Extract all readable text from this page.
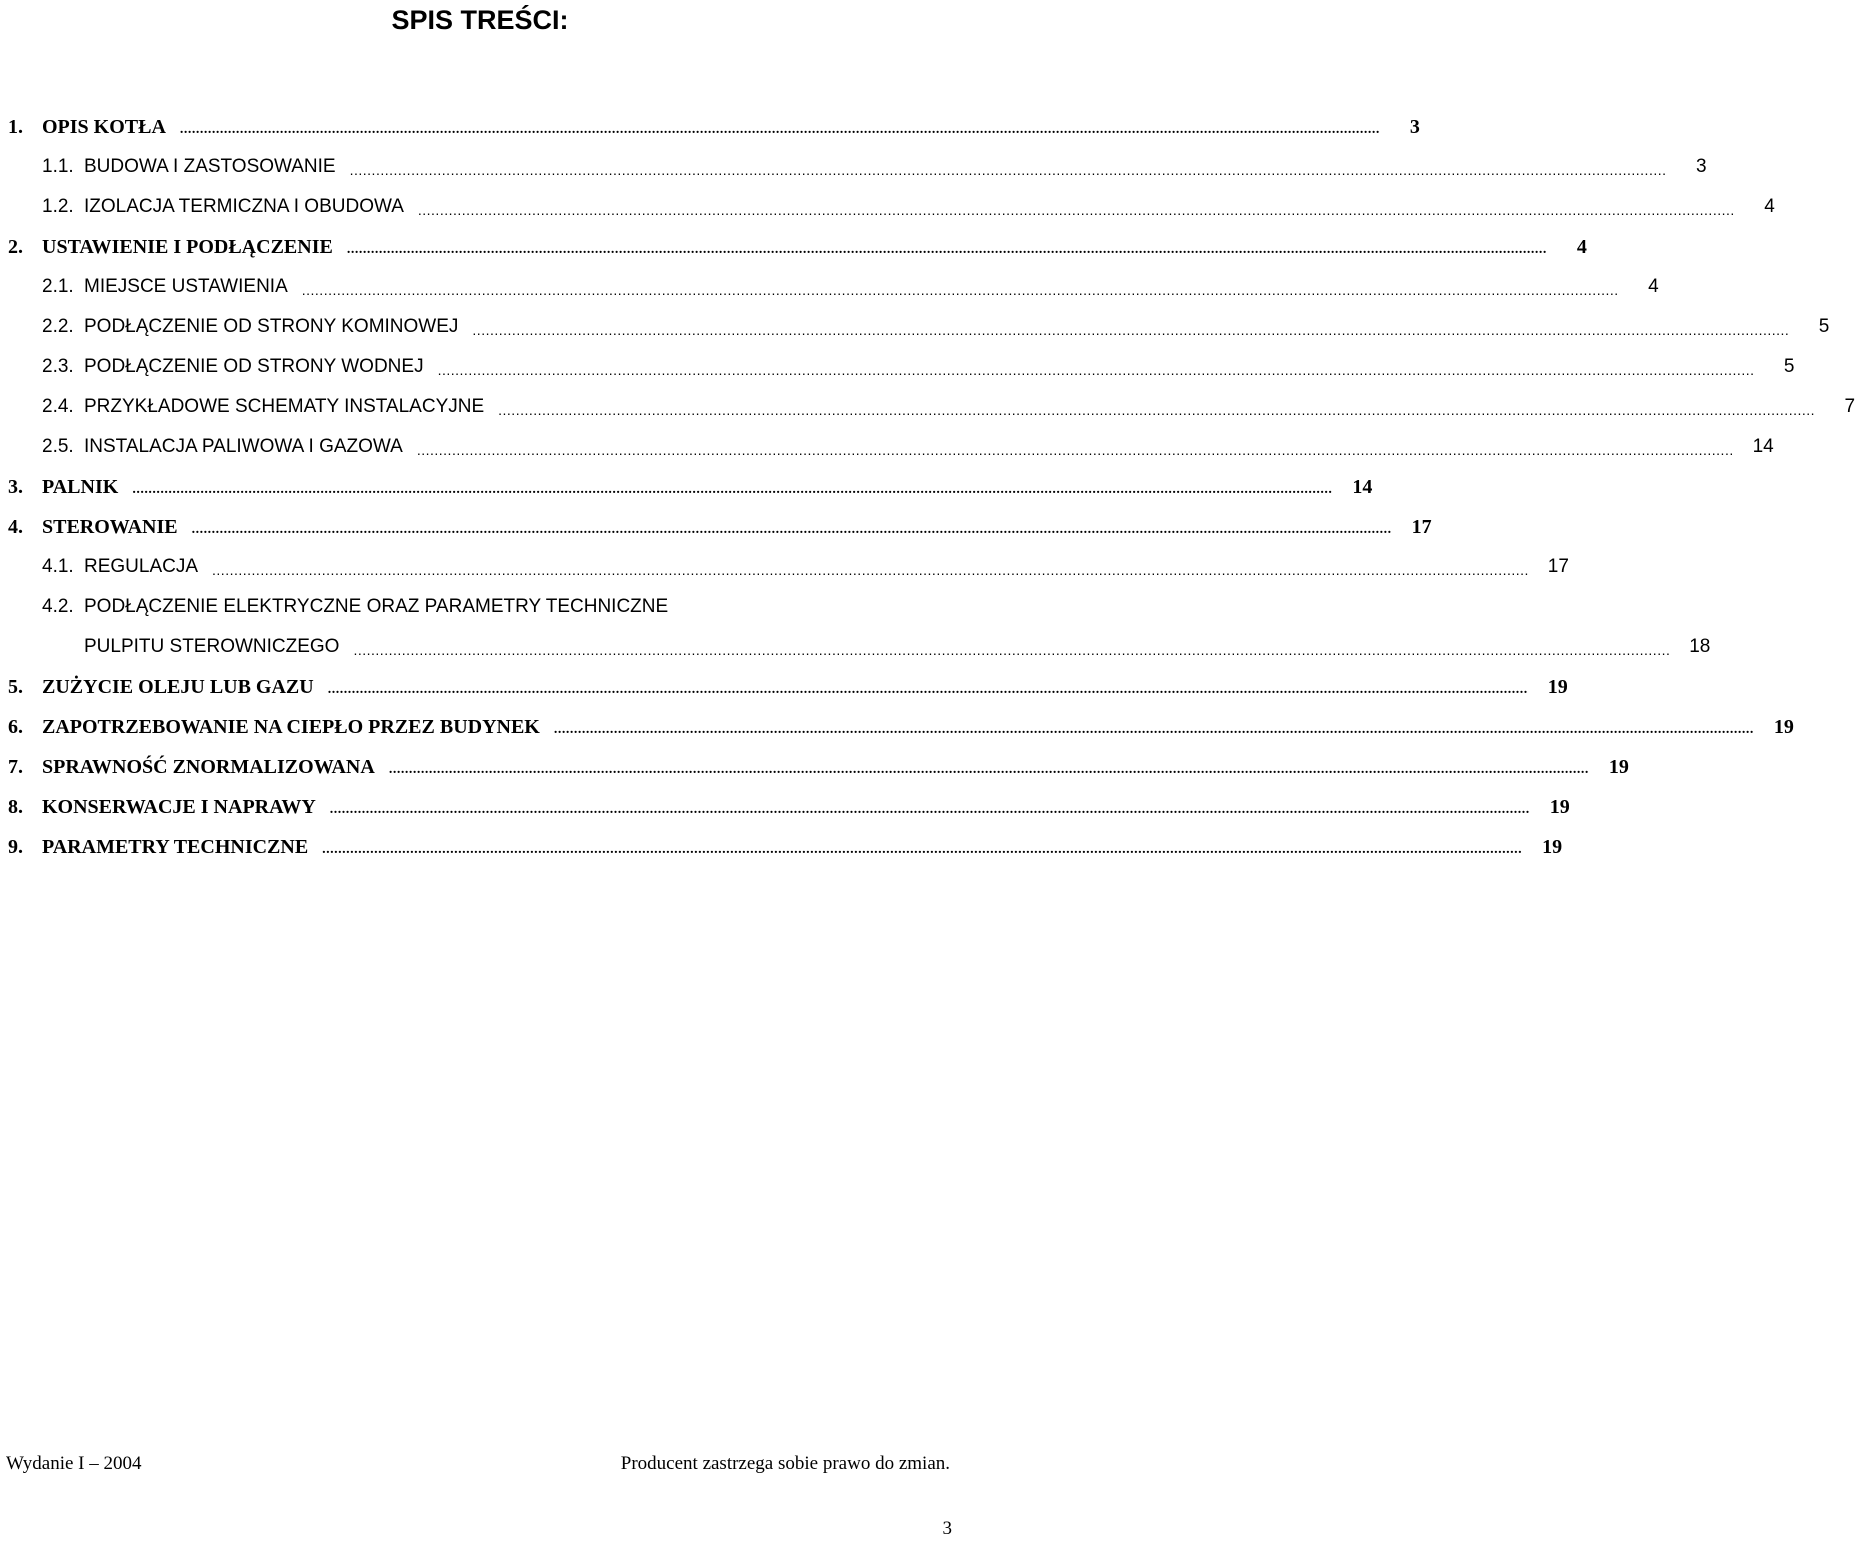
SPIS TREŚCI:
1. OPIS KOTŁA	............................................................................................................................................................................................................................................................................................................	3
1.1. BUDOWA I ZASTOSOWANIE	............................................................................................................................................................................................................................................................................................................	3
1.2. IZOLACJA TERMICZNA I OBUDOWA	............................................................................................................................................................................................................................................................................................................	4
2. USTAWIENIE I PODŁĄCZENIE	............................................................................................................................................................................................................................................................................................................	4
2.1. MIEJSCE USTAWIENIA	............................................................................................................................................................................................................................................................................................................	4
2.2. PODŁĄCZENIE OD STRONY KOMINOWEJ	............................................................................................................................................................................................................................................................................................................	5
2.3. PODŁĄCZENIE OD STRONY WODNEJ	............................................................................................................................................................................................................................................................................................................	5
2.4. PRZYKŁADOWE SCHEMATY INSTALACYJNE	............................................................................................................................................................................................................................................................................................................	7
2.5. INSTALACJA PALIWOWA I GAZOWA	............................................................................................................................................................................................................................................................................................................ 14
3. PALNIK	............................................................................................................................................................................................................................................................................................................	14
4. STEROWANIE	............................................................................................................................................................................................................................................................................................................	17
4.1. REGULACJA	............................................................................................................................................................................................................................................................................................................ 17
4.2. PODŁĄCZENIE ELEKTRYCZNE ORAZ PARAMETRY TECHNICZNE
PULPITU STEROWNICZEGO	............................................................................................................................................................................................................................................................................................................ 18
5. ZUŻYCIE OLEJU LUB GAZU	............................................................................................................................................................................................................................................................................................................	19
6. ZAPOTRZEBOWANIE NA CIEPŁO PRZEZ BUDYNEK	............................................................................................................................................................................................................................................................................................................	19
7. SPRAWNOŚĆ ZNORMALIZOWANA	............................................................................................................................................................................................................................................................................................................	19
8. KONSERWACJE I NAPRAWY	............................................................................................................................................................................................................................................................................................................	19
9. PARAMETRY TECHNICZNE	............................................................................................................................................................................................................................................................................................................	19
Wydanie I – 2004	Producent zastrzega sobie prawo do zmian.
3
